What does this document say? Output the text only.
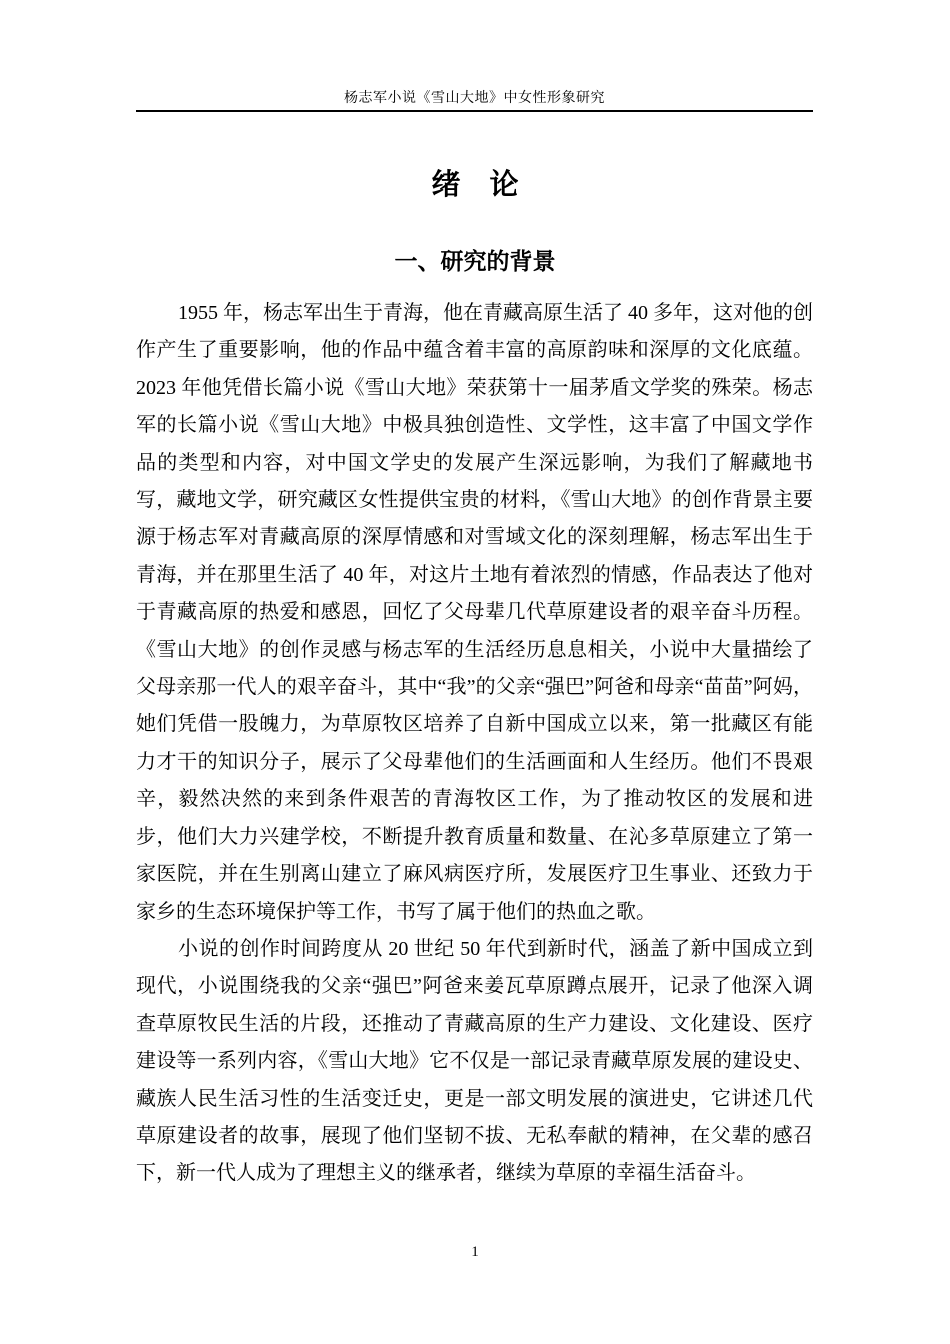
杨志军小说《雪山大地》中女性形象研究
绪　论
一、研究的背景

1955 年，杨志军出生于青海，他在青藏高原生活了 40 多年，这对他的创作产生了重要影响，他的作品中蕴含着丰富的高原韵味和深厚的文化底蕴。2023 年他凭借长篇小说《雪山大地》荣获第十一届茅盾文学奖的殊荣。杨志军的长篇小说《雪山大地》中极具独创造性、文学性，这丰富了中国文学作品的类型和内容，对中国文学史的发展产生深远影响，为我们了解藏地书写，藏地文学，研究藏区女性提供宝贵的材料，《雪山大地》的创作背景主要源于杨志军对青藏高原的深厚情感和对雪域文化的深刻理解，杨志军出生于青海，并在那里生活了 40 年，对这片土地有着浓烈的情感，作品表达了他对于青藏高原的热爱和感恩，回忆了父母辈几代草原建设者的艰辛奋斗历程。《雪山大地》的创作灵感与杨志军的生活经历息息相关，小说中大量描绘了父母亲那一代人的艰辛奋斗，其中“我”的父亲“强巴”阿爸和母亲“苗苗”阿妈，她们凭借一股魄力，为草原牧区培养了自新中国成立以来，第一批藏区有能力才干的知识分子，展示了父母辈他们的生活画面和人生经历。他们不畏艰辛，毅然决然的来到条件艰苦的青海牧区工作，为了推动牧区的发展和进步，他们大力兴建学校，不断提升教育质量和数量、在沁多草原建立了第一家医院，并在生别离山建立了麻风病医疗所，发展医疗卫生事业、还致力于家乡的生态环境保护等工作，书写了属于他们的热血之歌。

小说的创作时间跨度从 20 世纪 50 年代到新时代，涵盖了新中国成立到现代，小说围绕我的父亲“强巴”阿爸来姜瓦草原蹲点展开，记录了他深入调查草原牧民生活的片段，还推动了青藏高原的生产力建设、文化建设、医疗建设等一系列内容，《雪山大地》它不仅是一部记录青藏草原发展的建设史、藏族人民生活习性的生活变迁史，更是一部文明发展的演进史，它讲述几代草原建设者的故事，展现了他们坚韧不拔、无私奉献的精神，在父辈的感召下，新一代人成为了理想主义的继承者，继续为草原的幸福生活奋斗。

1
